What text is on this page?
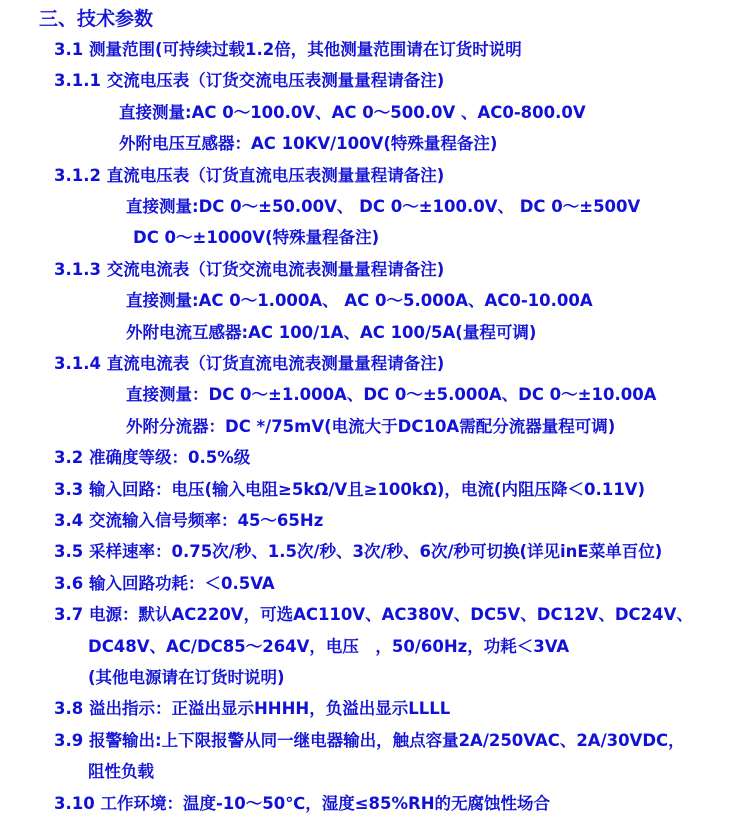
三、技术参数
3.1 测量范围(可持续过载1.2倍，其他测量范围请在订货时说明
3.1.1 交流电压表（订货交流电压表测量量程请备注)
直接测量:AC 0～100.0V、AC 0～500.0V 、AC0-800.0V
外附电压互感器：AC 10KV/100V(特殊量程备注)
3.1.2 直流电压表（订货直流电压表测量量程请备注)
直接测量:DC 0～±50.00V、 DC 0～±100.0V、 DC 0～±500V
DC 0～±1000V(特殊量程备注)
3.1.3 交流电流表（订货交流电流表测量量程请备注)
直接测量:AC 0～1.000A、 AC 0～5.000A、AC0-10.00A
外附电流互感器:AC 100/1A、AC 100/5A(量程可调)
3.1.4 直流电流表（订货直流电流表测量量程请备注)
直接测量：DC 0～±1.000A、DC 0～±5.000A、DC 0～±10.00A
外附分流器：DC */75mV(电流大于DC10A需配分流器量程可调)
3.2 准确度等级：0.5%级
3.3 输入回路：电压(输入电阻≥5kΩ/V且≥100kΩ)，电流(内阻压降＜0.11V)
3.4 交流输入信号频率：45～65Hz
3.5 采样速率：0.75次/秒、1.5次/秒、3次/秒、6次/秒可切换(详见inE菜单百位)
3.6 输入回路功耗：＜0.5VA
3.7 电源：默认AC220V，可选AC110V、AC380V、DC5V、DC12V、DC24V、
DC48V、AC/DC85～264V，电压　，50/60Hz，功耗＜3VA
(其他电源请在订货时说明)
3.8 溢出指示：正溢出显示HHHH，负溢出显示LLLL
3.9 报警输出:上下限报警从同一继电器输出，触点容量2A/250VAC、2A/30VDC，
阻性负载
3.10 工作环境：温度-10～50℃，湿度≤85%RH的无腐蚀性场合
